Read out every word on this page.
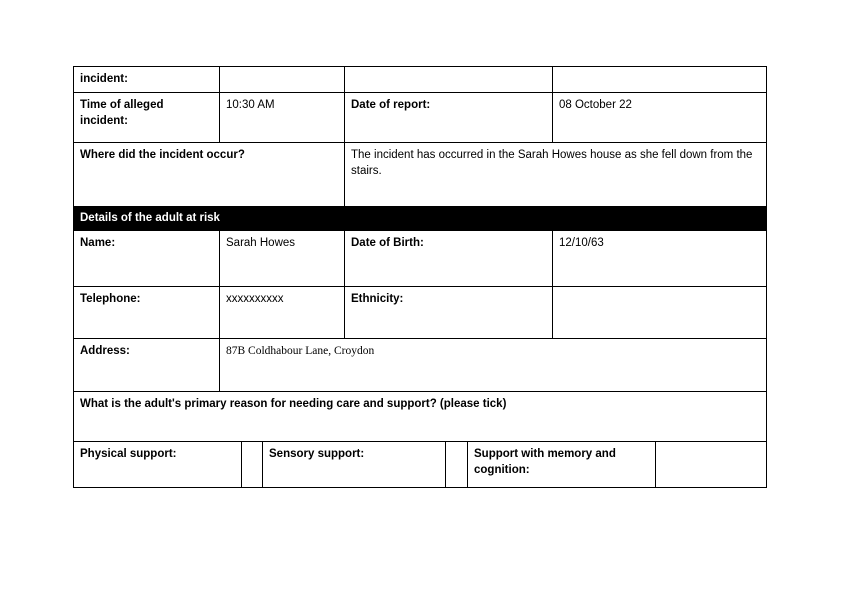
incident:			
Time of alleged incident:	10:30 AM	Date of report:	08 October 22
Where did the incident occur?		The incident has occurred in the Sarah Howes house as she fell down from the stairs.	
Details of the adult at risk			
Name:	Sarah Howes	Date of Birth:	12/10/63
Telephone:	xxxxxxxxxx	Ethnicity:	
Address:	87B Coldhabour Lane, Croydon		
What is the adult's primary reason for needing care and support? (please tick)			
Physical support:		Sensory support:		Support with memory and cognition:	
